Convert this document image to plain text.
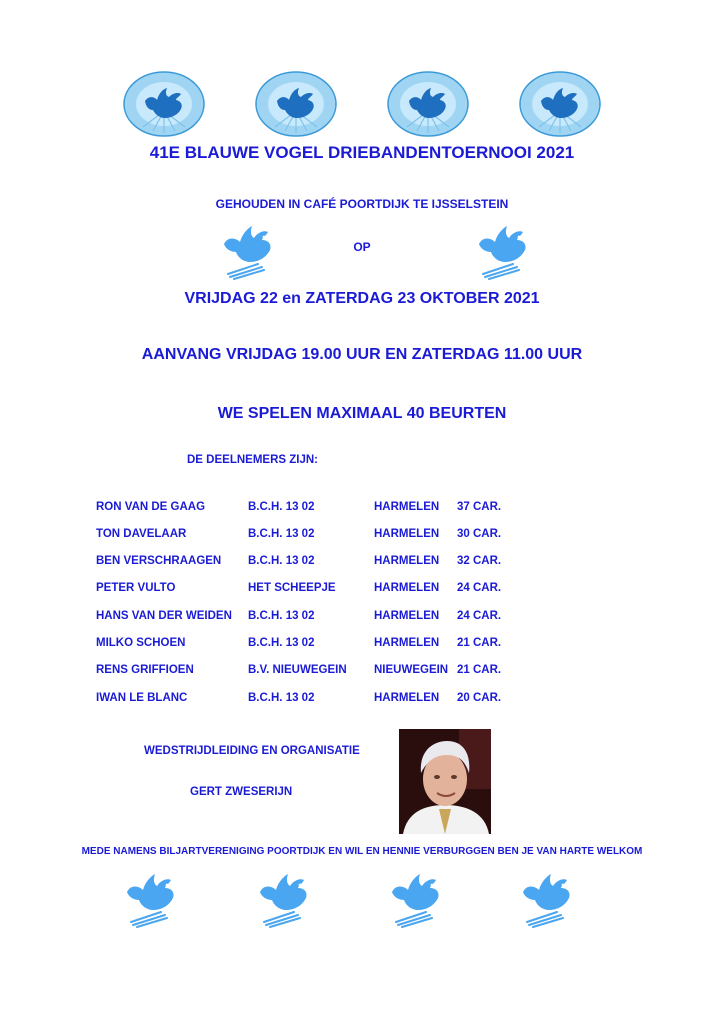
41E BLAUWE VOGEL DRIEBANDENTOERNOOI 2021
GEHOUDEN IN CAFÉ POORTDIJK TE IJSSELSTEIN
OP
VRIJDAG 22 en ZATERDAG 23 OKTOBER 2021
AANVANG VRIJDAG 19.00 UUR EN ZATERDAG 11.00 UUR
WE SPELEN MAXIMAAL 40 BEURTEN
DE DEELNEMERS ZIJN:
RON VAN DE GAAG	B.C.H. 13 02	HARMELEN 37 CAR.
TON DAVELAAR	B.C.H. 13 02	HARMELEN 30 CAR.
BEN VERSCHRAAGEN B.C.H. 13 02	HARMELEN 32 CAR.
PETER VULTO	HET SCHEEPJE	HARMELEN 24 CAR.
HANS VAN DER WEIDEN B.C.H. 13 02	HARMELEN 24 CAR.
MILKO SCHOEN	B.C.H. 13 02	HARMELEN 21 CAR.
RENS GRIFFIOEN	B.V. NIEUWEGEIN NIEUWEGEIN 21 CAR.
IWAN LE BLANC	B.C.H. 13 02	HARMELEN 20 CAR.
WEDSTRIJDLEIDING EN ORGANISATIE
GERT ZWESERIJN
MEDE NAMENS BILJARTVERENIGING POORTDIJK EN WIL EN HENNIE VERBURGGEN BEN JE VAN HARTE WELKOM
